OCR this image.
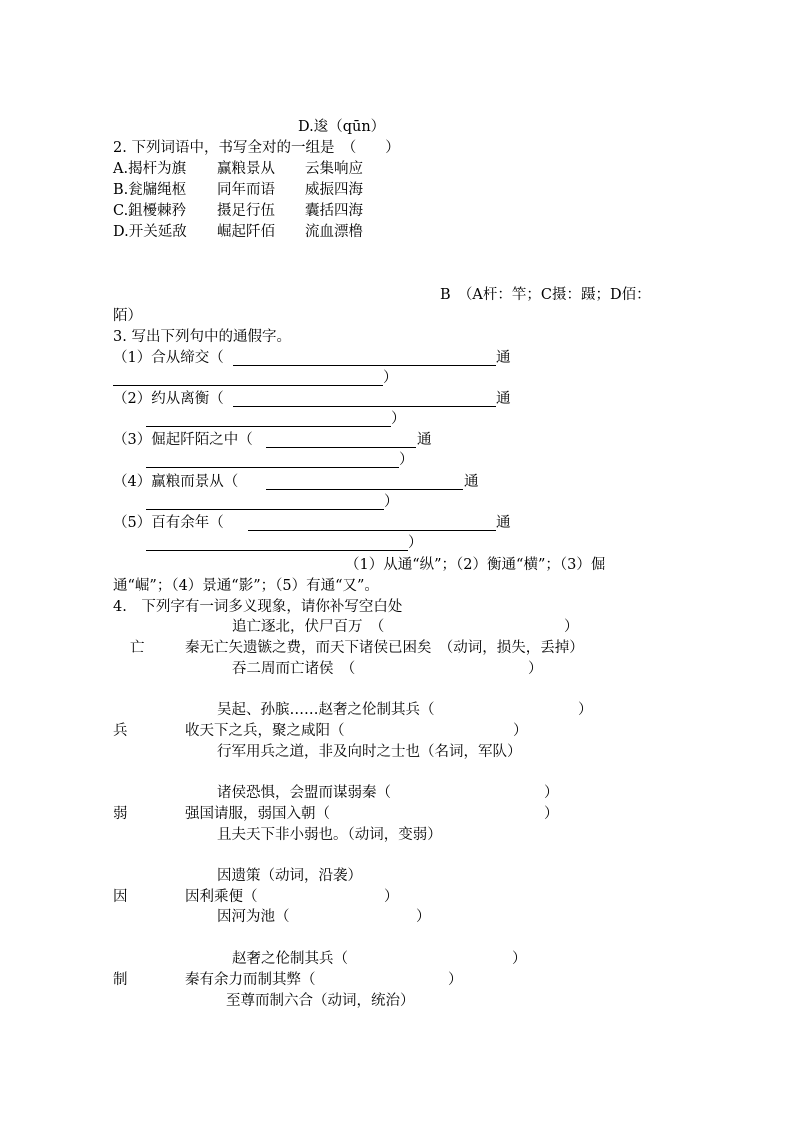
D.逡（qūn）
2. 下列词语中，书写全对的一组是　（　　）
A.揭杆为旗 赢粮景从 云集响应
B.瓮牖绳枢 同年而语 威振四海
C.鉏櫌棘矜 摄足行伍 囊括四海
D.开关延敌 崛起阡佰 流血漂橹
B　（A杆：竿；C摄：蹑；D佰：
陌）
3. 写出下列句中的通假字。
（1）合从缔交（	通
）
（2）约从离衡（	通
）
（3）倔起阡陌之中（	通
）
（4）赢粮而景从（	通
）
（5）百有余年（	通
）
（1）从通“纵”；（2）衡通“横”；（3）倔
通“崛”；（4）景通“影”；（5）有通“又”。
4.　下列字有一词多义现象，请你补写空白处
追亡逐北，伏尸百万　（	）
亡	秦无亡矢遗镞之费，而天下诸侯已困矣　（动词，损失，丢掉）
吞二周而亡诸侯　（	）
吴起、孙膑……赵奢之伦制其兵（	）
兵	收天下之兵，聚之咸阳（	）
行军用兵之道，非及向时之士也（名词，军队）
诸侯恐惧，会盟而谋弱秦（	）
弱	强国请服，弱国入朝（	）
且夫天下非小弱也。（动词，变弱）
因遗策（动词，沿袭）
因	因利乘便（	）
因河为池（	）
赵奢之伦制其兵（	）
制	秦有余力而制其弊（	）
至尊而制六合（动词，统治）
